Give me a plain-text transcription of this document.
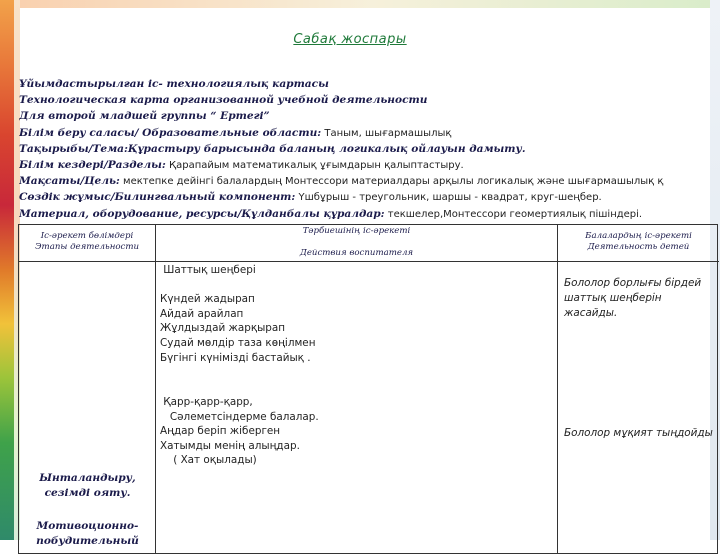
Сабақ жоспары
Ұйымдастырылған іс- технологиялық картасы
Технологическая карта организованной учебной деятельности
Для второй младшей группы “ Ертегі”
Білім беру саласы/ Образовательные области: Таным, шығармашылық
Тақырыбы/Тема:Құрастыру барысында баланың логикалық ойлауын дамыту.
Білім кездері/Разделы: Қарапайым математикалық ұғымдарын қалыптастыру.
Мақсаты/Цель: мектепке дейінгі балалардың Монтессори материалдары арқылы логикалық және шығармашылық қ
Сөздік жұмыс/Билингвальный компонент: Үшбұрыш - треугольник, шаршы - квадрат, круг-шеңбер.
Материал, оборудование, ресурсы/Құлданбалы құралдар: текшелер,Монтессори геомертиялық пішіндері.
Іс-әрекет бөлімдері
Этапы деятельности
Ынталандыру, сезімді ояту.
Мотивоционно-побудительный
Тәрбиешінің іс-әрекеті

Действия воспитателя
Шаттық шеңбері

Күндей жадырап
Айдай арайлап
Жұлдыздай жарқырап
Судай мөлдір таза көңілмен
Бүгінгі күнімізді бастайық .
Қарр-қарр-қарр,
Сәлеметсіндерме балалар.
Аңдар беріп жіберген
Хатымды менің алыңдар.
( Хат оқылады)
Балалардың іс-әрекеті
Деятельность детей
Бололор борлығы бірдей шаттық шеңберін жасайды.
Бололор мұқият тыңдойды
